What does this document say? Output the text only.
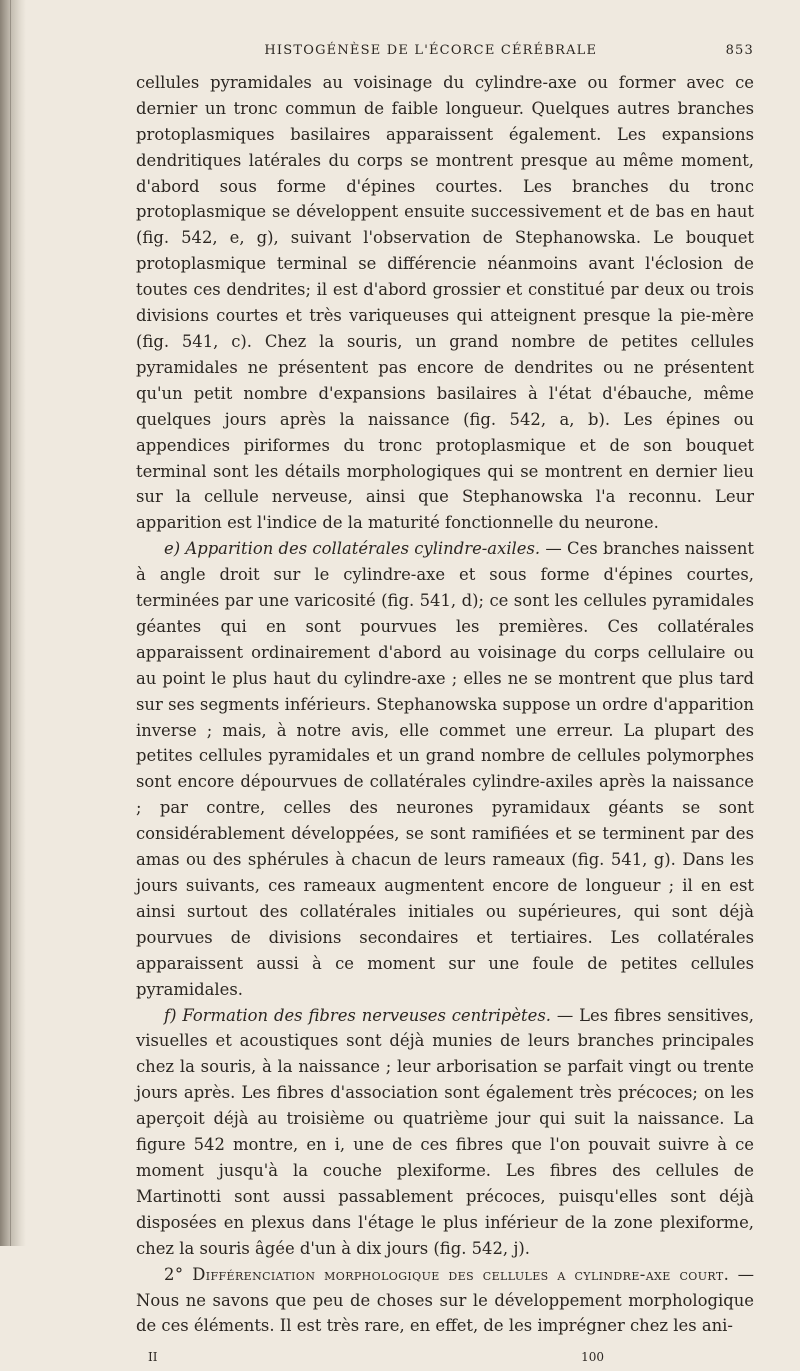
HISTOGÉNÈSE DE L'ÉCORCE CÉRÉBRALE	853

cellules pyramidales au voisinage du cylindre-axe ou former avec ce dernier un tronc commun de faible longueur. Quelques autres branches protoplasmiques basilaires apparaissent également. Les expansions dendritiques latérales du corps se montrent presque au même moment, d'abord sous forme d'épines courtes. Les branches du tronc protoplasmique se développent ensuite successivement et de bas en haut (fig. 542, e, g), suivant l'observation de Stephanowska. Le bouquet protoplasmique terminal se différencie néanmoins avant l'éclosion de toutes ces dendrites; il est d'abord grossier et constitué par deux ou trois divisions courtes et très variqueuses qui atteignent presque la pie-mère (fig. 541, c). Chez la souris, un grand nombre de petites cellules pyramidales ne présentent pas encore de dendrites ou ne présentent qu'un petit nombre d'expansions basilaires à l'état d'ébauche, même quelques jours après la naissance (fig. 542, a, b). Les épines ou appendices piriformes du tronc protoplasmique et de son bouquet terminal sont les détails morphologiques qui se montrent en dernier lieu sur la cellule nerveuse, ainsi que Stephanowska l'a reconnu. Leur apparition est l'indice de la maturité fonctionnelle du neurone.

e) Apparition des collatérales cylindre-axiles. — Ces branches naissent à angle droit sur le cylindre-axe et sous forme d'épines courtes, terminées par une varicosité (fig. 541, d); ce sont les cellules pyramidales géantes qui en sont pourvues les premières. Ces collatérales apparaissent ordinairement d'abord au voisinage du corps cellulaire ou au point le plus haut du cylindre-axe ; elles ne se montrent que plus tard sur ses segments inférieurs. Stephanowska suppose un ordre d'apparition inverse ; mais, à notre avis, elle commet une erreur. La plupart des petites cellules pyramidales et un grand nombre de cellules polymorphes sont encore dépourvues de collatérales cylindre-axiles après la naissance ; par contre, celles des neurones pyramidaux géants se sont considérablement développées, se sont ramifiées et se terminent par des amas ou des sphérules à chacun de leurs rameaux (fig. 541, g). Dans les jours suivants, ces rameaux augmentent encore de longueur ; il en est ainsi surtout des collatérales initiales ou supérieures, qui sont déjà pourvues de divisions secondaires et tertiaires. Les collatérales apparaissent aussi à ce moment sur une foule de petites cellules pyramidales.

f) Formation des fibres nerveuses centripètes. — Les fibres sensitives, visuelles et acoustiques sont déjà munies de leurs branches principales chez la souris, à la naissance ; leur arborisation se parfait vingt ou trente jours après. Les fibres d'association sont également très précoces; on les aperçoit déjà au troisième ou quatrième jour qui suit la naissance. La figure 542 montre, en i, une de ces fibres que l'on pouvait suivre à ce moment jusqu'à la couche plexiforme. Les fibres des cellules de Martinotti sont aussi passablement précoces, puisqu'elles sont déjà disposées en plexus dans l'étage le plus inférieur de la zone plexiforme, chez la souris âgée d'un à dix jours (fig. 542, j).

2° Différenciation morphologique des cellules a cylindre-axe court. — Nous ne savons que peu de choses sur le développement morphologique de ces éléments. Il est très rare, en effet, de les imprégner chez les ani-

II	100
